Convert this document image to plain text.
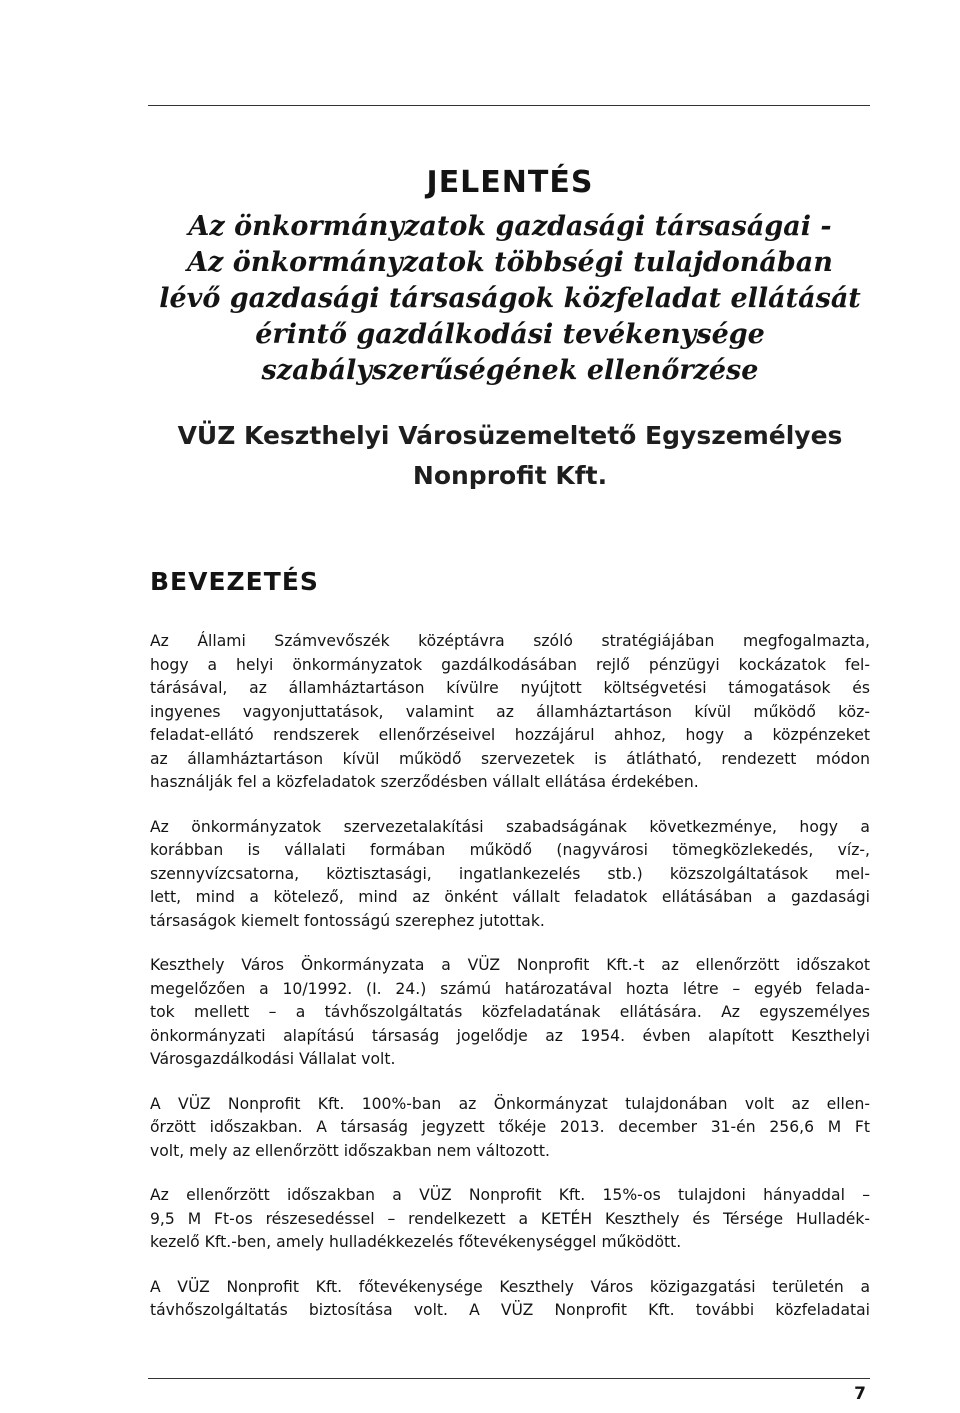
JELENTÉS
Az önkormányzatok gazdasági társaságai -
Az önkormányzatok többségi tulajdonában
lévő gazdasági társaságok közfeladat ellátását
érintő gazdálkodási tevékenysége
szabályszerűségének ellenőrzése
VÜZ Keszthelyi Városüzemeltető Egyszemélyes
Nonprofit Kft.
BEVEZETÉS
Az Állami Számvevőszék középtávra szóló stratégiájában megfogalmazta,
hogy a helyi önkormányzatok gazdálkodásában rejlő pénzügyi kockázatok fel-
tárásával, az államháztartáson kívülre nyújtott költségvetési támogatások és
ingyenes vagyonjuttatások, valamint az államháztartáson kívül működő köz-
feladat-ellátó rendszerek ellenőrzéseivel hozzájárul ahhoz, hogy a közpénzeket
az államháztartáson kívül működő szervezetek is átlátható, rendezett módon
használják fel a közfeladatok szerződésben vállalt ellátása érdekében.
Az önkormányzatok szervezetalakítási szabadságának következménye, hogy a
korábban is vállalati formában működő (nagyvárosi tömegközlekedés, víz-,
szennyvízcsatorna, köztisztasági, ingatlankezelés stb.) közszolgáltatások mel-
lett, mind a kötelező, mind az önként vállalt feladatok ellátásában a gazdasági
társaságok kiemelt fontosságú szerephez jutottak.
Keszthely Város Önkormányzata a VÜZ Nonprofit Kft.-t az ellenőrzött időszakot
megelőzően a 10/1992. (I. 24.) számú határozatával hozta létre – egyéb felada-
tok mellett – a távhőszolgáltatás közfeladatának ellátására. Az egyszemélyes
önkormányzati alapítású társaság jogelődje az 1954. évben alapított Keszthelyi
Városgazdálkodási Vállalat volt.
A VÜZ Nonprofit Kft. 100%-ban az Önkormányzat tulajdonában volt az ellen-
őrzött időszakban. A társaság jegyzett tőkéje 2013. december 31-én 256,6 M Ft
volt, mely az ellenőrzött időszakban nem változott.
Az ellenőrzött időszakban a VÜZ Nonprofit Kft. 15%-os tulajdoni hányaddal –
9,5 M Ft-os részesedéssel – rendelkezett a KETÉH Keszthely és Térsége Hulladék-
kezelő Kft.-ben, amely hulladékkezelés főtevékenységgel működött.
A VÜZ Nonprofit Kft. főtevékenysége Keszthely Város közigazgatási területén a
távhőszolgáltatás biztosítása volt. A VÜZ Nonprofit Kft. további közfeladatai
7
